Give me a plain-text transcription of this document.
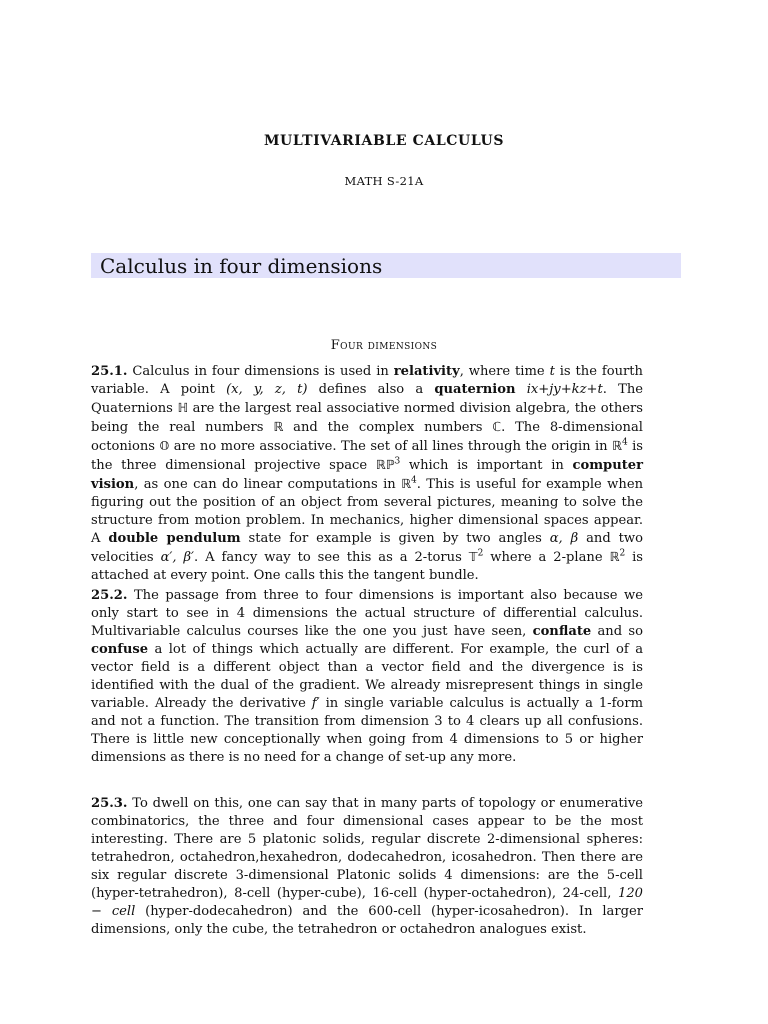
MULTIVARIABLE CALCULUS
MATH S-21A
Calculus in four dimensions
Four dimensions

25.1. Calculus in four dimensions is used in relativity, where time t is the fourth variable. A point (x, y, z, t) defines also a quaternion ix+jy+kz+t. The Quaternions ℍ are the largest real associative normed division algebra, the others being the real numbers ℝ and the complex numbers ℂ. The 8-dimensional octonions 𝕆 are no more associative. The set of all lines through the origin in ℝ$^4$ is the three dimensional projective space ℝℙ$^3$ which is important in computer vision, as one can do linear computations in ℝ$^4$. This is useful for example when figuring out the position of an object from several pictures, meaning to solve the structure from motion problem. In mechanics, higher dimensional spaces appear. A double pendulum state for example is given by two angles α, β and two velocities α′, β′. A fancy way to see this as a 2-torus 𝕋$^2$ where a 2-plane ℝ$^2$ is attached at every point. One calls this the tangent bundle.

25.2. The passage from three to four dimensions is important also because we only start to see in 4 dimensions the actual structure of differential calculus. Multivariable calculus courses like the one you just have seen, conflate and so confuse a lot of things which actually are different. For example, the curl of a vector field is a different object than a vector field and the divergence is is identified with the dual of the gradient. We already misrepresent things in single variable. Already the derivative f′ in single variable calculus is actually a 1-form and not a function. The transition from dimension 3 to 4 clears up all confusions. There is little new conceptionally when going from 4 dimensions to 5 or higher dimensions as there is no need for a change of set-up any more.

25.3. To dwell on this, one can say that in many parts of topology or enumerative combinatorics, the three and four dimensional cases appear to be the most interesting. There are 5 platonic solids, regular discrete 2-dimensional spheres: tetrahedron, octahedron,hexahedron, dodecahedron, icosahedron. Then there are six regular discrete 3-dimensional Platonic solids 4 dimensions: are the 5-cell (hyper-tetrahedron), 8-cell (hyper-cube), 16-cell (hyper-octahedron), 24-cell, 120 − cell (hyper-dodecahedron) and the 600-cell (hyper-icosahedron). In larger dimensions, only the cube, the tetrahedron or octahedron analogues exist.
